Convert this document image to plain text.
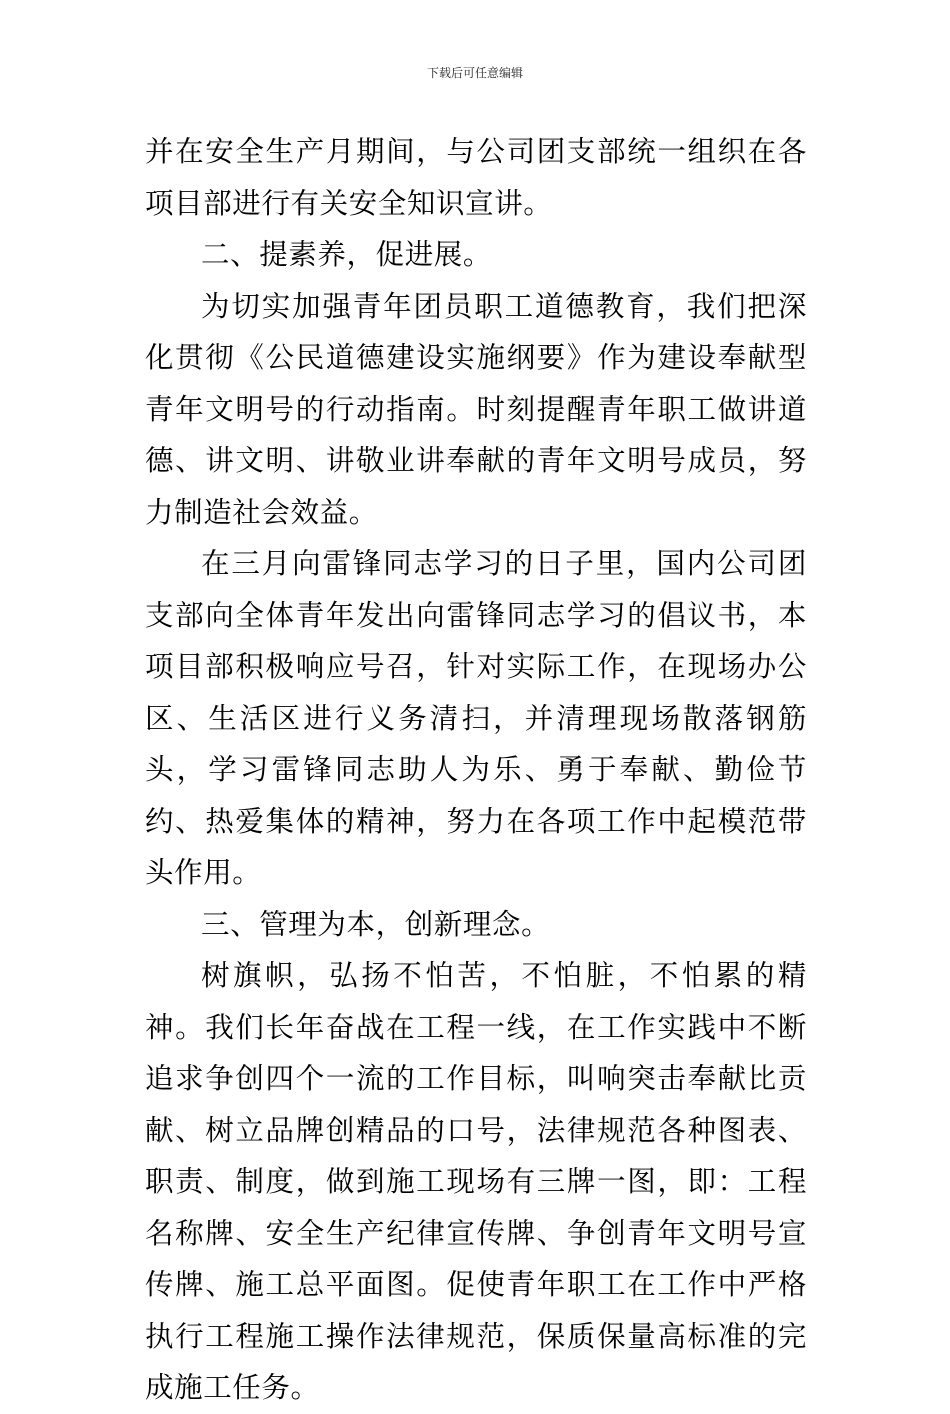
下载后可任意编辑

并在安全生产月期间，与公司团支部统一组织在各项目部进行有关安全知识宣讲。

二、提素养，促进展。

为切实加强青年团员职工道德教育，我们把深化贯彻《公民道德建设实施纲要》作为建设奉献型青年文明号的行动指南。时刻提醒青年职工做讲道德、讲文明、讲敬业讲奉献的青年文明号成员，努力制造社会效益。

在三月向雷锋同志学习的日子里，国内公司团支部向全体青年发出向雷锋同志学习的倡议书，本项目部积极响应号召，针对实际工作，在现场办公区、生活区进行义务清扫，并清理现场散落钢筋头，学习雷锋同志助人为乐、勇于奉献、勤俭节约、热爱集体的精神，努力在各项工作中起模范带头作用。

三、管理为本，创新理念。

树旗帜，弘扬不怕苦，不怕脏，不怕累的精神。我们长年奋战在工程一线，在工作实践中不断追求争创四个一流的工作目标，叫响突击奉献比贡献、树立品牌创精品的口号，法律规范各种图表、职责、制度，做到施工现场有三牌一图，即：工程名称牌、安全生产纪律宣传牌、争创青年文明号宣传牌、施工总平面图。促使青年职工在工作中严格执行工程施工操作法律规范，保质保量高标准的完成施工任务。
